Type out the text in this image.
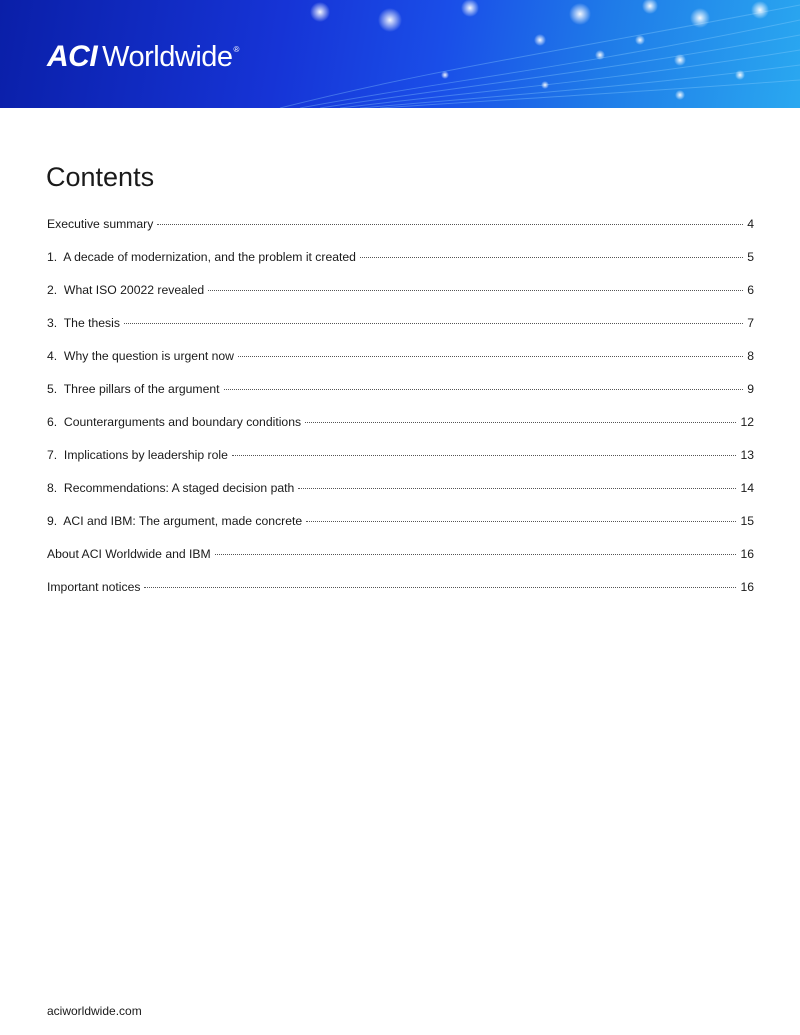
ACI Worldwide ®
Contents
Executive summary	4
1.  A decade of modernization, and the problem it created	5
2.  What ISO 20022 revealed	6
3.  The thesis	7
4.  Why the question is urgent now	8
5.  Three pillars of the argument	9
6.  Counterarguments and boundary conditions	12
7.  Implications by leadership role	13
8.  Recommendations: A staged decision path	14
9.  ACI and IBM: The argument, made concrete	15
About ACI Worldwide and IBM	16
Important notices	16
aciworldwide.com
